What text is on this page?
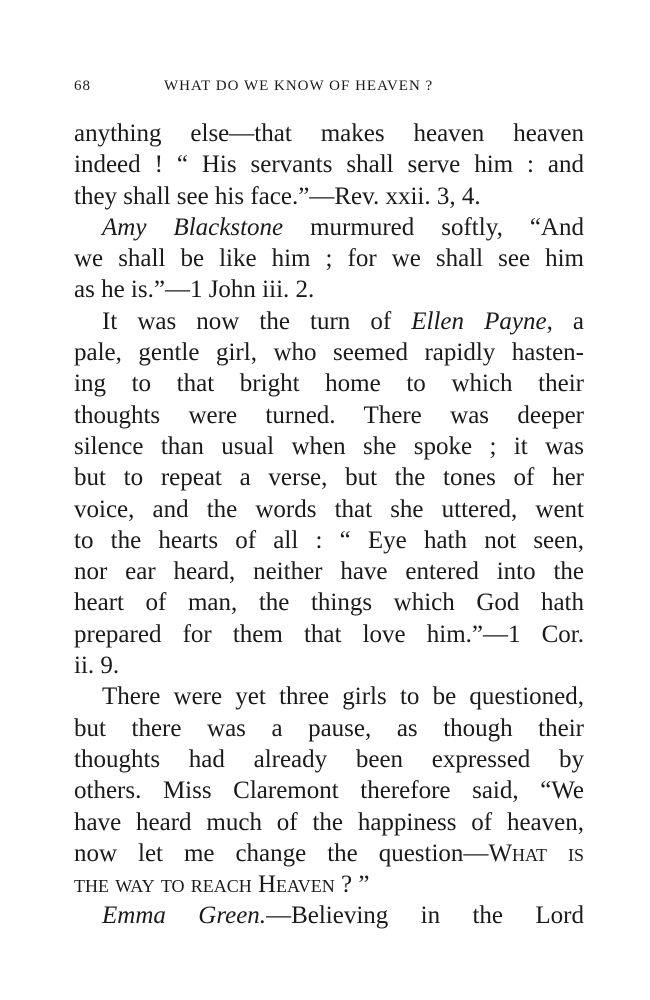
68	WHAT DO WE KNOW OF HEAVEN ?
anything else—that makes heaven heaven
indeed ! “ His servants shall serve him : and
they shall see his face.”—Rev. xxii. 3, 4.
Amy Blackstone murmured softly, “And
we shall be like him ; for we shall see him
as he is.”—1 John iii. 2.
It was now the turn of Ellen Payne, a
pale, gentle girl, who seemed rapidly hasten-
ing to that bright home to which their
thoughts were turned. There was deeper
silence than usual when she spoke ; it was
but to repeat a verse, but the tones of her
voice, and the words that she uttered, went
to the hearts of all : “ Eye hath not seen,
nor ear heard, neither have entered into the
heart of man, the things which God hath
prepared for them that love him.”—1 Cor.
ii. 9.
There were yet three girls to be questioned,
but there was a pause, as though their
thoughts had already been expressed by
others. Miss Claremont therefore said, “We
have heard much of the happiness of heaven,
now let me change the question—What is
the way to reach Heaven ? ”
Emma Green.—Believing in the Lord
